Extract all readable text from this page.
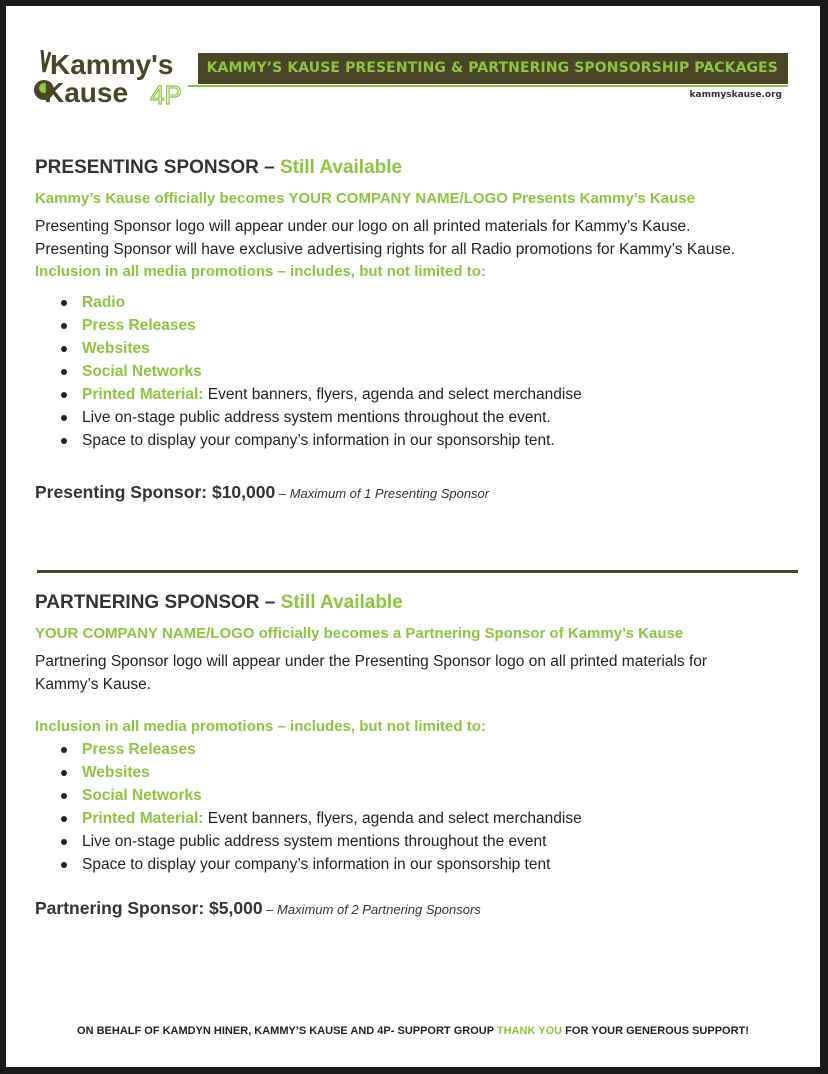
Kammy's
Kause 4P
KAMMY’S KAUSE PRESENTING & PARTNERING SPONSORSHIP PACKAGES
kammyskause.org
PRESENTING SPONSOR – Still Available

Kammy’s Kause officially becomes YOUR COMPANY NAME/LOGO Presents Kammy’s Kause

Presenting Sponsor logo will appear under our logo on all printed materials for Kammy’s Kause.

Presenting Sponsor will have exclusive advertising rights for all Radio promotions for Kammy’s Kause.

Inclusion in all media promotions – includes, but not limited to:

Radio
Press Releases
Websites
Social Networks
Printed Material: Event banners, flyers, agenda and select merchandise
Live on-stage public address system mentions throughout the event.
Space to display your company’s information in our sponsorship tent.
Presenting Sponsor: $10,000 – Maximum of 1 Presenting Sponsor
PARTNERING SPONSOR – Still Available

YOUR COMPANY NAME/LOGO officially becomes a Partnering Sponsor of Kammy’s Kause

Partnering Sponsor logo will appear under the Presenting Sponsor logo on all printed materials for

Kammy’s Kause.

Inclusion in all media promotions – includes, but not limited to:

Press Releases
Websites
Social Networks
Printed Material: Event banners, flyers, agenda and select merchandise
Live on-stage public address system mentions throughout the event
Space to display your company’s information in our sponsorship tent
Partnering Sponsor: $5,000 – Maximum of 2 Partnering Sponsors
ON BEHALF OF KAMDYN HINER, KAMMY’S KAUSE AND 4P- SUPPORT GROUP THANK YOU FOR YOUR GENEROUS SUPPORT!
